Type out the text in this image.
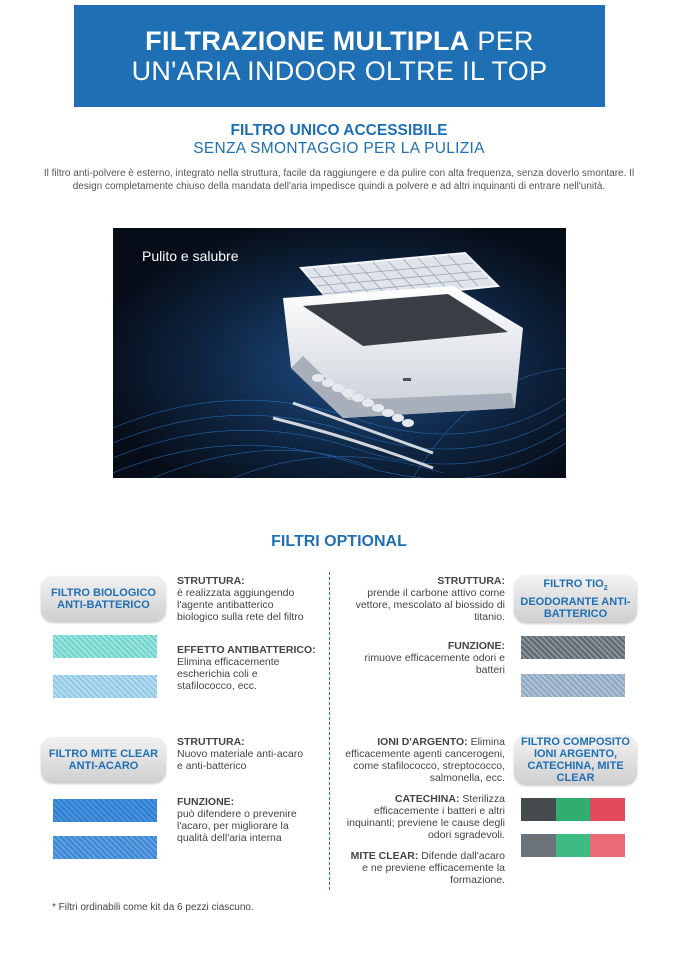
FILTRAZIONE MULTIPLA PER
UN'ARIA INDOOR OLTRE IL TOP
FILTRO UNICO ACCESSIBILE
SENZA SMONTAGGIO PER LA PULIZIA
Il filtro anti-polvere è esterno, integrato nella struttura, facile da raggiungere e da pulire con alta frequenza, senza doverlo smontare. Il design completamente chiuso della mandata dell'aria impedisce quindi a polvere e ad altri inquinanti di entrare nell'unità.
Pulito e salubre
FILTRI OPTIONAL
FILTRO BIOLOGICO ANTI-BATTERICO
STRUTTURA:
è realizzata aggiungendo l'agente antibatterico biologico sulla rete del filtro
EFFETTO ANTIBATTERICO:
Elimina efficacemente escherichia coli e stafilococco, ecc.
FILTRO $TIO_2$
DEODORANTE ANTI-BATTERICO
STRUTTURA:
prende il carbone attivo come vettore, mescolato al biossido di titanio.
FUNZIONE:
rimuove efficacemente odori e batteri
FILTRO MITE CLEAR ANTI-ACARO
STRUTTURA:
Nuovo materiale anti-acaro e anti-batterico
FUNZIONE:
può difendere o prevenire l'acaro, per migliorare la qualità dell'aria interna
FILTRO COMPOSITO IONI ARGENTO, CATECHINA, MITE CLEAR
IONI D'ARGENTO: Elimina efficacemente agenti cancerogeni, come stafilococco, streptococco, salmonella, ecc.
CATECHINA: Sterilizza efficacemente i batteri e altri inquinanti; previene le cause degli odori sgradevoli.
MITE CLEAR: Difende dall'acaro e ne previene efficacemente la formazione.
* Filtri ordinabili come kit da 6 pezzi ciascuno.
